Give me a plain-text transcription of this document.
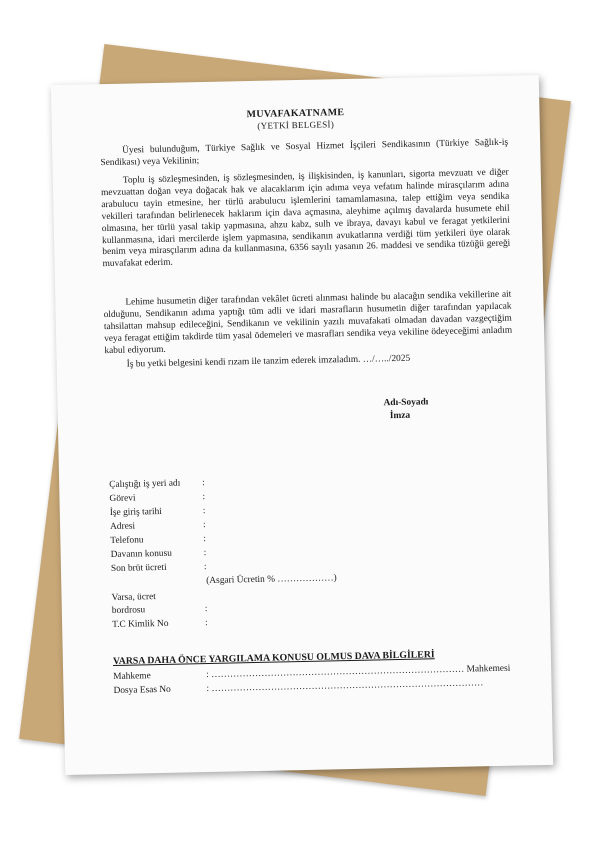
MUVAFAKATNAME
(YETKİ BELGESİ)
Üyesi bulunduğum, Türkiye Sağlık ve Sosyal Hizmet İşçileri Sendikasının (Türkiye Sağlık-iş Sendikası) veya Vekilinin;
Toplu iş sözleşmesinden, iş sözleşmesinden, iş ilişkisinden, iş kanunları, sigorta mevzuatı ve diğer mevzuattan doğan veya doğacak hak ve alacaklarım için adıma veya vefatım halinde mirasçılarım adına arabulucu tayin etmesine, her türlü arabulucu işlemlerini tamamlamasına, talep ettiğim veya sendika vekilleri tarafından belirlenecek haklarım için dava açmasına, aleyhime açılmış davalarda husumete ehil olmasına, her türlü yasal takip yapmasına, ahzu kabz, sulh ve ibraya, davayı kabul ve feragat yetkilerini kullanmasına, idari mercilerde işlem yapmasına, sendikanın avukatlarına verdiği tüm yetkileri üye olarak benim veya mirasçılarım adına da kullanmasına, 6356 sayılı yasanın 26. maddesi ve sendika tüzüğü gereği muvafakat ederim.
Lehime husumetin diğer tarafından vekâlet ücreti alınması halinde bu alacağın sendika vekillerine ait olduğunu, Sendikanın adıma yaptığı tüm adli ve idari masrafların husumetin diğer tarafından yapılacak tahsilattan mahsup edileceğini, Sendikanın ve vekilinin yazılı muvafakati olmadan davadan vazgeçtiğim veya feragat ettiğim takdirde tüm yasal ödemeleri ve masrafları sendika veya vekiline ödeyeceğimi anladım kabul ediyorum.
İş bu yetki belgesini kendi rızam ile tanzim ederek imzaladım. …/…../2025
Adı-Soyadı
İmza
Çalıştığı iş yeri adı :
Görevi	:
İşe giriş tarihi	:
Adresi	:
Telefonu	:
Davanın konusu	:
Son brüt ücreti	:
(Asgari Ücretin % ………………)
Varsa, ücret
bordrosu	:
T.C Kimlik No	:
VARSA DAHA ÖNCE YARGILAMA KONUSU OLMUS DAVA BİLGİLERİ
Mahkeme	: ……………………………………………………………………… Mahkemesi
Dosya Esas No	: ……………………………………………………………………………
